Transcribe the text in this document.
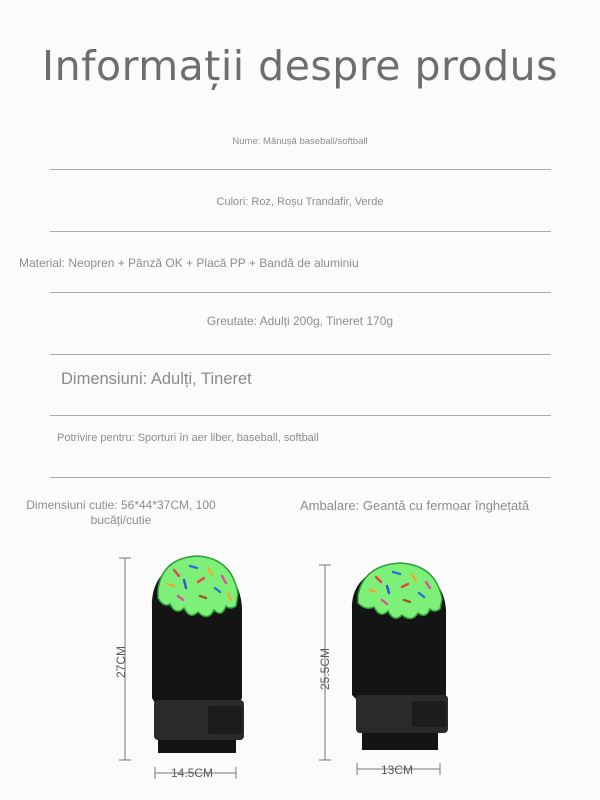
Informații despre produs
Nume: Mănușă baseball/softball
Culori: Roz, Roșu Trandafir, Verde
Material: Neopren + Pânză OK + Placă PP + Bandă de aluminiu
Greutate: Adulți 200g, Tineret 170g
Dimensiuni: Adulți, Tineret
Potrivire pentru: Sporturi în aer liber, baseball, softball
Dimensiuni cutie: 56*44*37CM, 100 bucăți/cutie
Ambalare: Geantă cu fermoar înghețată
27CM
14.5CM
25.5CM
13CM
